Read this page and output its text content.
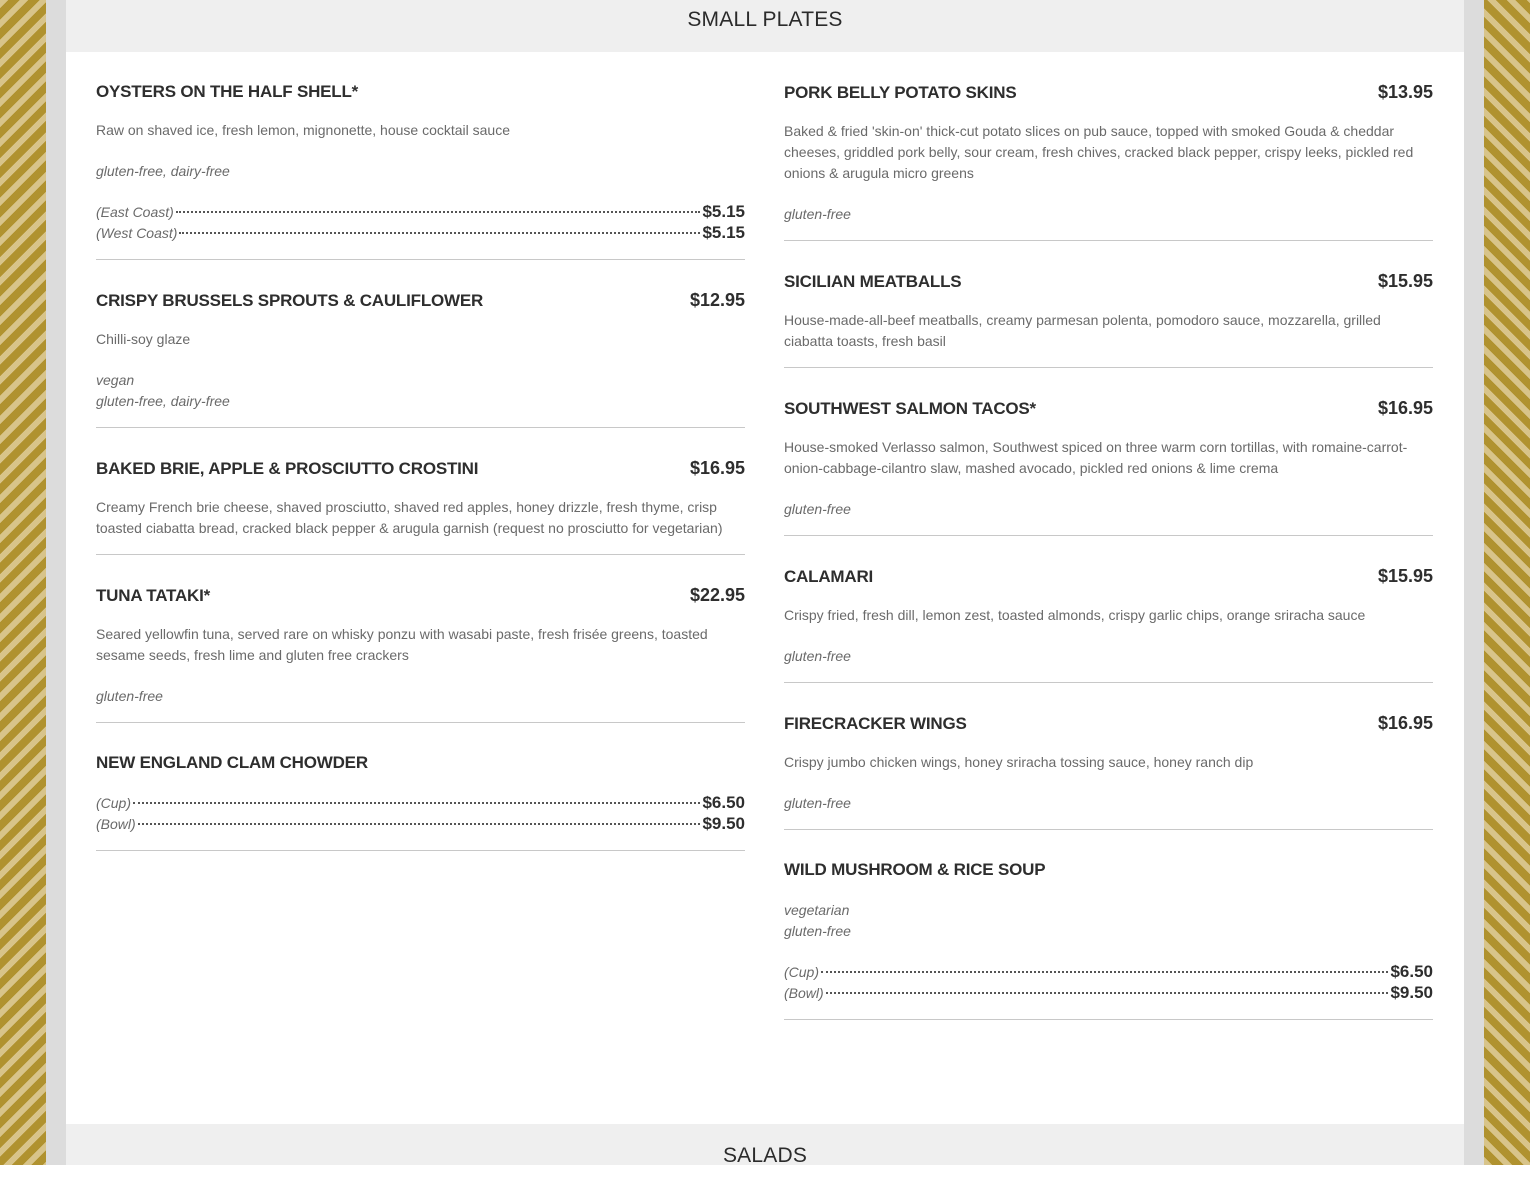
SMALL PLATES
OYSTERS ON THE HALF SHELL*
Raw on shaved ice, fresh lemon, mignonette, house cocktail sauce
gluten-free, dairy-free
(East Coast)	$5.15
(West Coast)	$5.15
CRISPY BRUSSELS SPROUTS & CAULIFLOWER	$12.95
Chilli-soy glaze
vegan
gluten-free, dairy-free
BAKED BRIE, APPLE & PROSCIUTTO CROSTINI	$16.95
Creamy French brie cheese, shaved prosciutto, shaved red apples, honey drizzle, fresh thyme, crisp toasted ciabatta bread, cracked black pepper & arugula garnish (request no prosciutto for vegetarian)
TUNA TATAKI*	$22.95
Seared yellowfin tuna, served rare on whisky ponzu with wasabi paste, fresh frisée greens, toasted sesame seeds, fresh lime and gluten free crackers
gluten-free
NEW ENGLAND CLAM CHOWDER
(Cup)	$6.50
(Bowl)	$9.50
PORK BELLY POTATO SKINS	$13.95
Baked & fried 'skin-on' thick-cut potato slices on pub sauce, topped with smoked Gouda & cheddar cheeses, griddled pork belly, sour cream, fresh chives, cracked black pepper, crispy leeks, pickled red onions & arugula micro greens
gluten-free
SICILIAN MEATBALLS	$15.95
House-made-all-beef meatballs, creamy parmesan polenta, pomodoro sauce, mozzarella, grilled ciabatta toasts, fresh basil
SOUTHWEST SALMON TACOS*	$16.95
House-smoked Verlasso salmon, Southwest spiced on three warm corn tortillas, with romaine-carrot-onion-cabbage-cilantro slaw, mashed avocado, pickled red onions & lime crema
gluten-free
CALAMARI	$15.95
Crispy fried, fresh dill, lemon zest, toasted almonds, crispy garlic chips, orange sriracha sauce
gluten-free
FIRECRACKER WINGS	$16.95
Crispy jumbo chicken wings, honey sriracha tossing sauce, honey ranch dip
gluten-free
WILD MUSHROOM & RICE SOUP
vegetarian
gluten-free
(Cup)	$6.50
(Bowl)	$9.50
SALADS
